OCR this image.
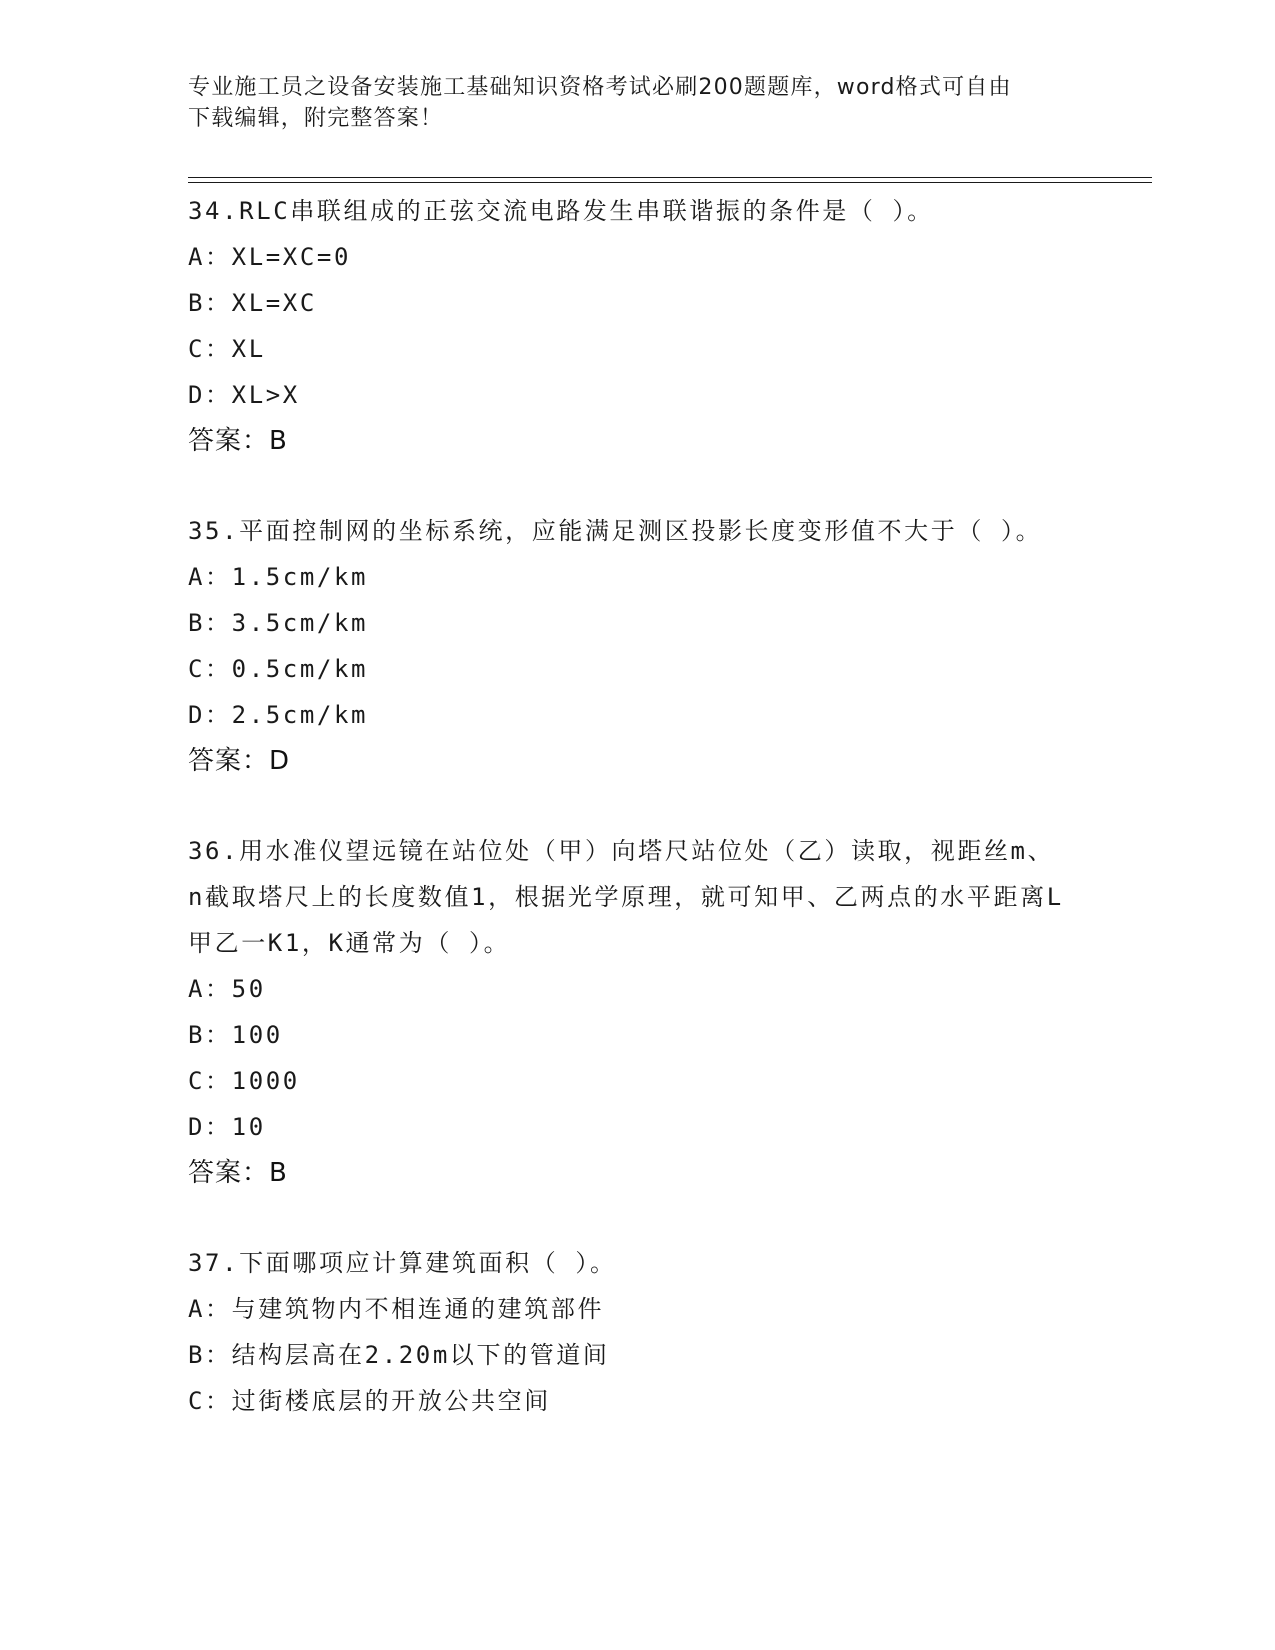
专业施工员之设备安装施工基础知识资格考试必刷200题题库，word格式可自由
下载编辑，附完整答案！
34.RLC串联组成的正弦交流电路发生串联谐振的条件是（ ）。
A：XL=XC=0
B：XL=XC
C：XL
D：XL>X
答案：B
35.平面控制网的坐标系统，应能满足测区投影长度变形值不大于（ ）。
A：1.5cm/km
B：3.5cm/km
C：0.5cm/km
D：2.5cm/km
答案：D
36.用水准仪望远镜在站位处（甲）向塔尺站位处（乙）读取，视距丝m、n截取塔尺上的长度数值1，根据光学原理，就可知甲、乙两点的水平距离L甲乙一K1，K通常为（ ）。
A：50
B：100
C：1000
D：10
答案：B
37.下面哪项应计算建筑面积（ ）。
A：与建筑物内不相连通的建筑部件
B：结构层高在2.20m以下的管道间
C：过街楼底层的开放公共空间
